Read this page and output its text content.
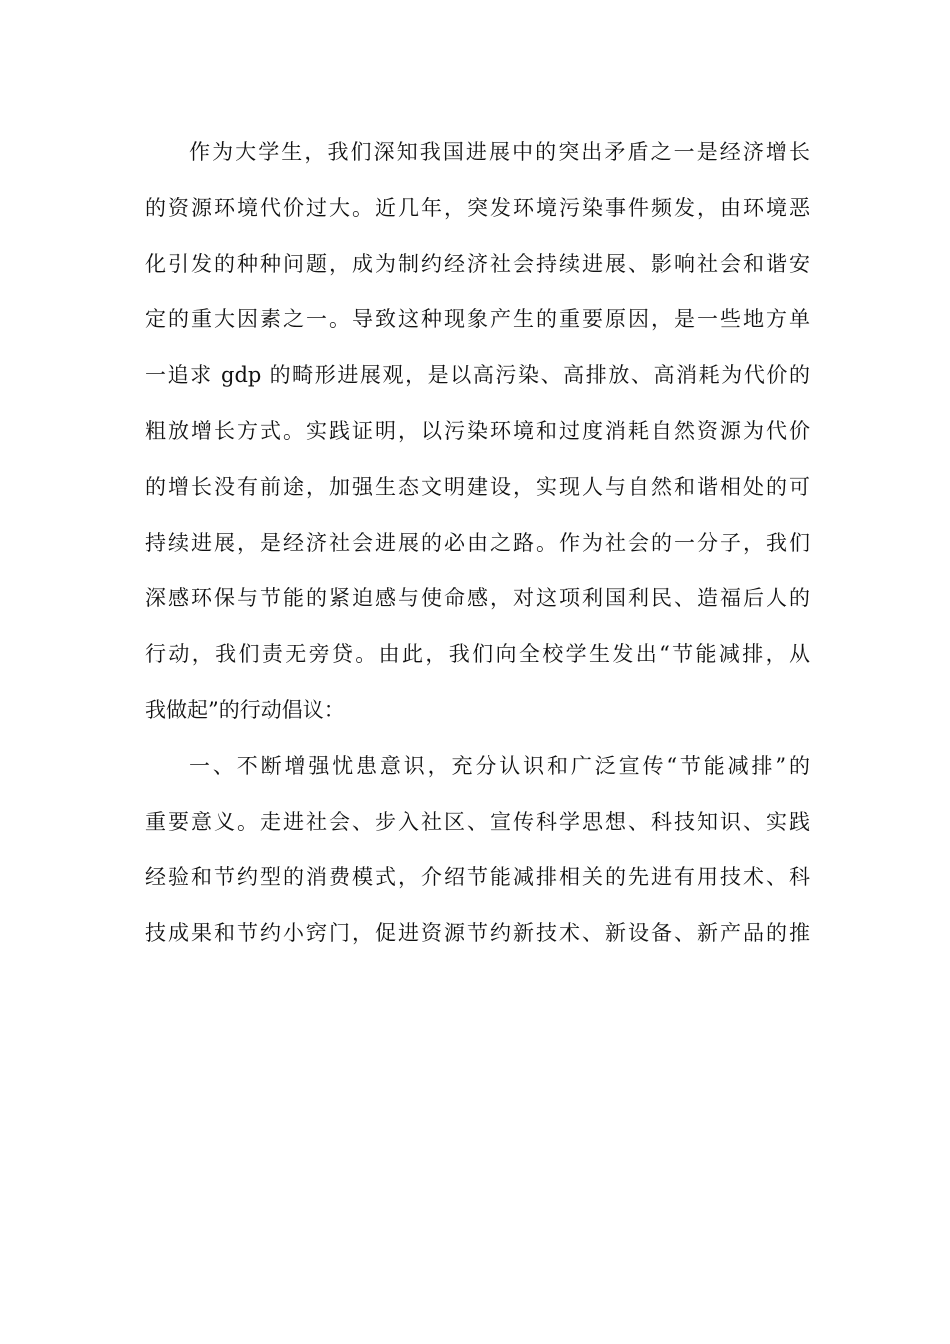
作为大学生，我们深知我国进展中的突出矛盾之一是经济增长
的资源环境代价过大。近几年，突发环境污染事件频发，由环境恶
化引发的种种问题，成为制约经济社会持续进展、影响社会和谐安
定的重大因素之一。导致这种现象产生的重要原因，是一些地方单
一追求 gdp 的畸形进展观，是以高污染、高排放、高消耗为代价的
粗放增长方式。实践证明，以污染环境和过度消耗自然资源为代价
的增长没有前途，加强生态文明建设，实现人与自然和谐相处的可
持续进展，是经济社会进展的必由之路。作为社会的一分子，我们
深感环保与节能的紧迫感与使命感，对这项利国利民、造福后人的
行动，我们责无旁贷。由此，我们向全校学生发出“节能减排，从
我做起”的行动倡议：
一、不断增强忧患意识，充分认识和广泛宣传“节能减排”的
重要意义。走进社会、步入社区、宣传科学思想、科技知识、实践
经验和节约型的消费模式，介绍节能减排相关的先进有用技术、科
技成果和节约小窍门，促进资源节约新技术、新设备、新产品的推
